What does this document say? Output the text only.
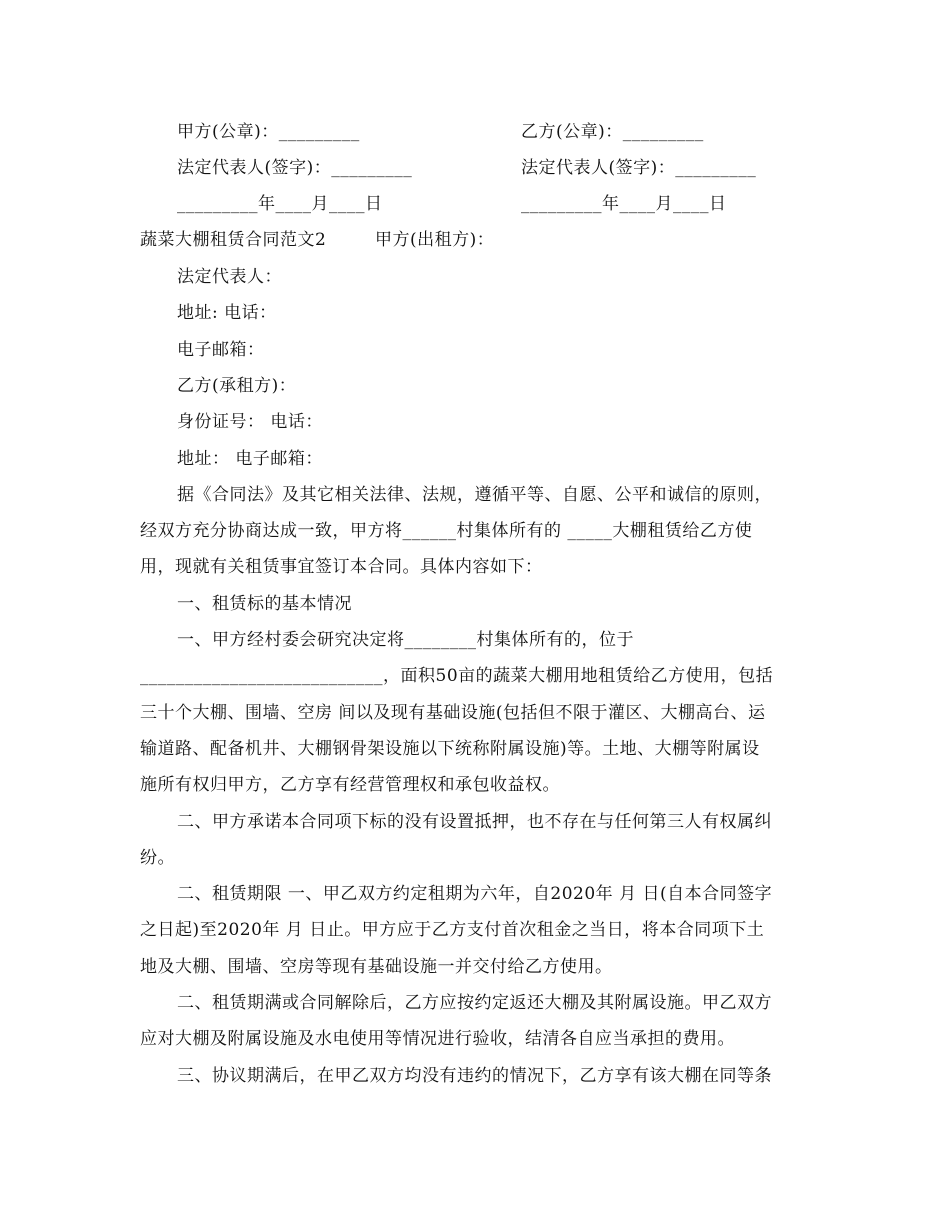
甲方(公章)：_________	乙方(公章)：_________
法定代表人(签字)：_________	法定代表人(签字)：_________
_________年____月____日	_________年____月____日
蔬菜大棚租赁合同范文2	甲方(出租方)：
法定代表人：
地址: 电话：
电子邮箱：
乙方(承租方)：
身份证号： 电话：
地址： 电子邮箱：
据《合同法》及其它相关法律、法规，遵循平等、自愿、公平和诚信的原则，
经双方充分协商达成一致，甲方将______村集体所有的 _____大棚租赁给乙方使
用，现就有关租赁事宜签订本合同。具体内容如下：
一、租赁标的基本情况
一、甲方经村委会研究决定将________村集体所有的，位于
___________________________，面积50亩的蔬菜大棚用地租赁给乙方使用，包括
三十个大棚、围墙、空房 间以及现有基础设施(包括但不限于灌区、大棚高台、运
输道路、配备机井、大棚钢骨架设施以下统称附属设施)等。土地、大棚等附属设
施所有权归甲方，乙方享有经营管理权和承包收益权。
二、甲方承诺本合同项下标的没有设置抵押，也不存在与任何第三人有权属纠
纷。
二、租赁期限 一、甲乙双方约定租期为六年，自2020年 月 日(自本合同签字
之日起)至2020年 月 日止。甲方应于乙方支付首次租金之当日，将本合同项下土
地及大棚、围墙、空房等现有基础设施一并交付给乙方使用。
二、租赁期满或合同解除后，乙方应按约定返还大棚及其附属设施。甲乙双方
应对大棚及附属设施及水电使用等情况进行验收，结清各自应当承担的费用。
三、协议期满后，在甲乙双方均没有违约的情况下，乙方享有该大棚在同等条
